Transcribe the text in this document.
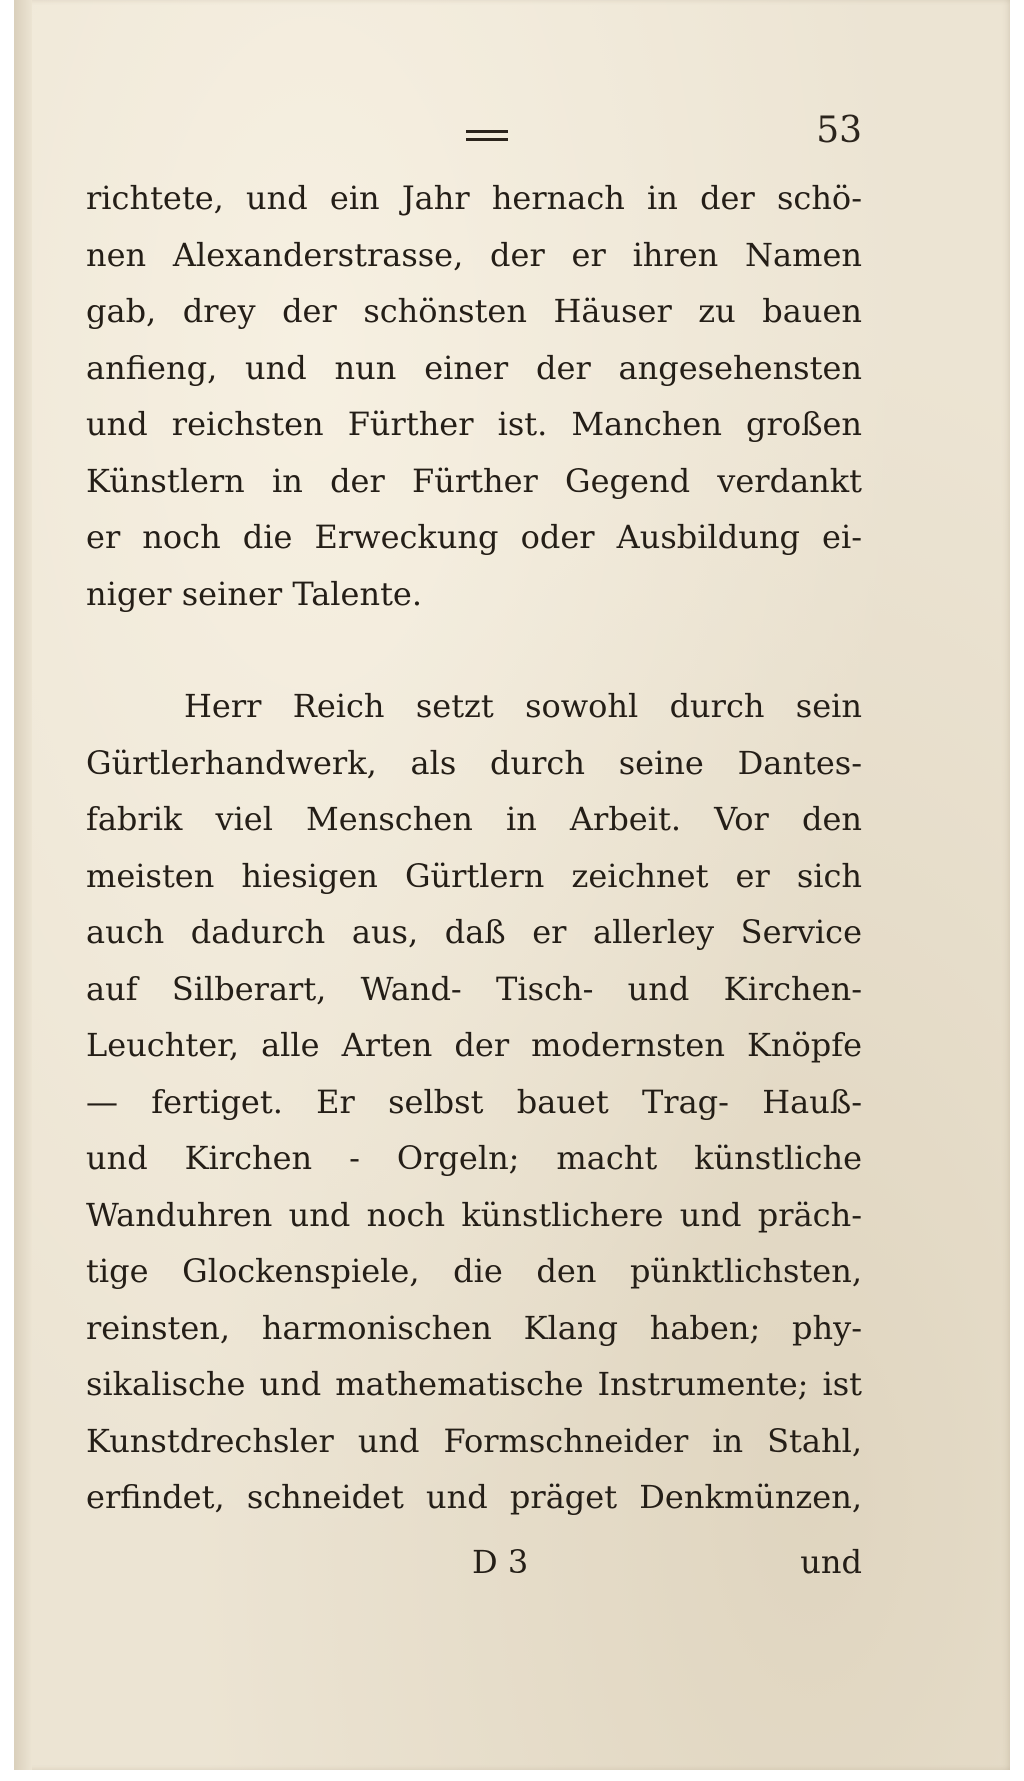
53
richtete, und ein Jahr hernach in der schö-
nen Alexanderstrasse, der er ihren Namen
gab, drey der schönsten Häuser zu bauen
anfieng, und nun einer der angesehensten
und reichsten Fürther ist. Manchen großen
Künstlern in der Fürther Gegend verdankt
er noch die Erweckung oder Ausbildung ei-
niger seiner Talente.
Herr Reich setzt sowohl durch sein
Gürtlerhandwerk, als durch seine Dantes-
fabrik viel Menschen in Arbeit. Vor den
meisten hiesigen Gürtlern zeichnet er sich
auch dadurch aus, daß er allerley Service
auf Silberart, Wand- Tisch- und Kirchen-
Leuchter, alle Arten der modernsten Knöpfe
— fertiget. Er selbst bauet Trag- Hauß-
und Kirchen - Orgeln; macht künstliche
Wanduhren und noch künstlichere und präch-
tige Glockenspiele, die den pünktlichsten,
reinsten, harmonischen Klang haben; phy-
sikalische und mathematische Instrumente; ist
Kunstdrechsler und Formschneider in Stahl,
erfindet, schneidet und präget Denkmünzen,
D 3	und
